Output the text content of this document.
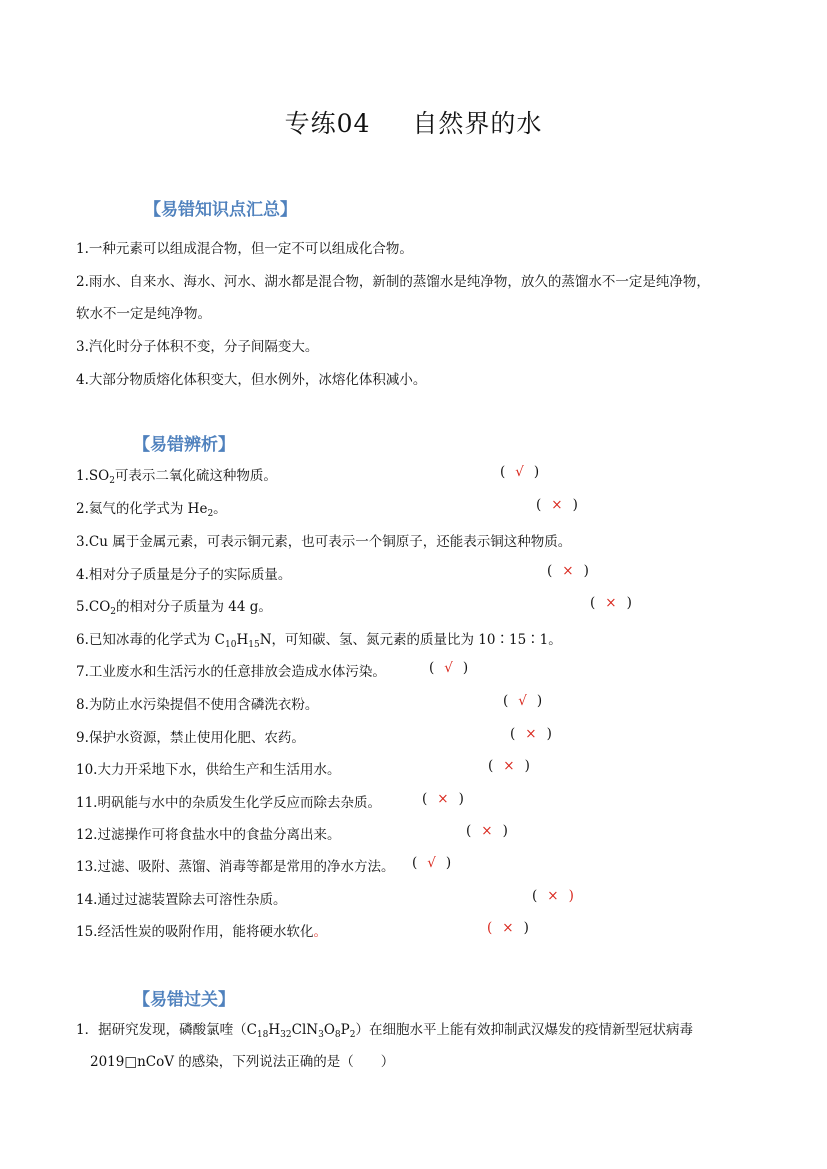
专练04 自然界的水
【易错知识点汇总】
1.一种元素可以组成混合物，但一定不可以组成化合物。
2.雨水、自来水、海水、河水、湖水都是混合物，新制的蒸馏水是纯净物，放久的蒸馏水不一定是纯净物，
软水不一定是纯净物。
3.汽化时分子体积不变，分子间隔变大。
4.大部分物质熔化体积变大，但水例外，冰熔化体积减小。
【易错辨析】
$1.SO_2$可表示二氧化硫这种物质。	( √ )
2.氦气的化学式为 $He_2$。	( × )
3.Cu 属于金属元素，可表示铜元素，也可表示一个铜原子，还能表示铜这种物质。
4.相对分子质量是分子的实际质量。	( × )
$5.CO_2$的相对分子质量为 44 g。	( × )
6.已知冰毒的化学式为 $C_{10}H_{15}N$，可知碳、氢、氮元素的质量比为 10∶15∶1。
7.工业废水和生活污水的任意排放会造成水体污染。	( √ )
8.为防止水污染提倡不使用含磷洗衣粉。	( √ )
9.保护水资源，禁止使用化肥、农药。	( × )
10.大力开采地下水，供给生产和生活用水。	( × )
11.明矾能与水中的杂质发生化学反应而除去杂质。	( × )
12.过滤操作可将食盐水中的食盐分离出来。	( × )
13.过滤、吸附、蒸馏、消毒等都是常用的净水方法。 ( √ )
14.通过过滤装置除去可溶性杂质。	( × )
15.经活性炭的吸附作用，能将硬水软化。	( × )
【易错过关】
1．据研究发现，磷酸氯喹$(C_{18}H_{32}ClN_3O_8P_2)$在细胞水平上能有效抑制武汉爆发的疫情新型冠状病毒
2019□nCoV 的感染，下列说法正确的是（　　）
